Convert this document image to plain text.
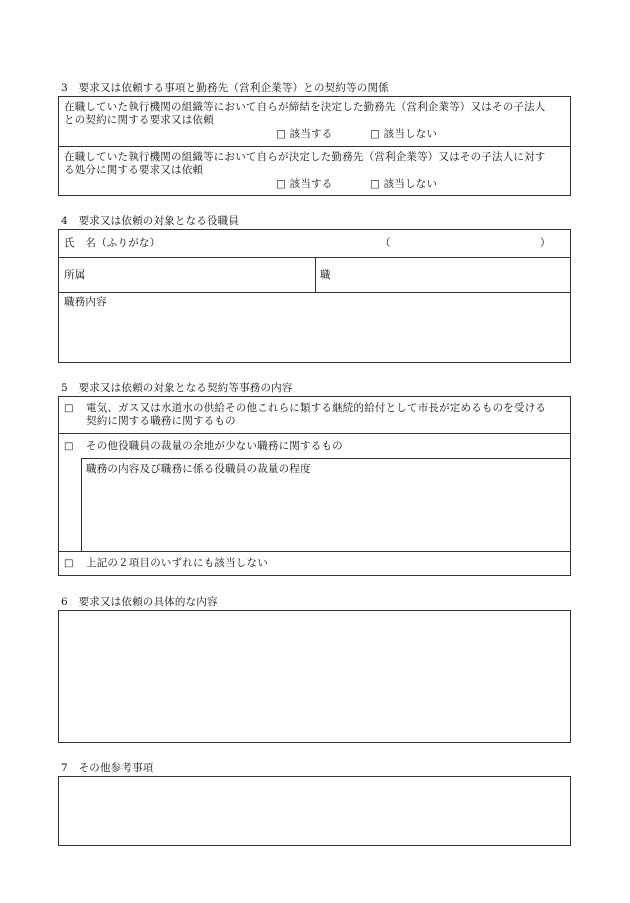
3　要求又は依頼する事項と勤務先（営利企業等）との契約等の関係
在職していた執行機関の組織等において自らが締結を決定した勤務先（営利企業等）又はその子法人
との契約に関する要求又は依頼
□ 該当する	□ 該当しない
在職していた執行機関の組織等において自らが決定した勤務先（営利企業等）又はその子法人に対す
る処分に関する要求又は依頼
□ 該当する	□ 該当しない
4　要求又は依頼の対象となる役職員
氏　名（ふりがな）	（	）
所属	職
職務内容
5　要求又は依頼の対象となる契約等事務の内容
□ 電気、ガス又は水道水の供給その他これらに類する継続的給付として市長が定めるものを受ける
契約に関する職務に関するもの
□ その他役職員の裁量の余地が少ない職務に関するもの
職務の内容及び職務に係る役職員の裁量の程度
□ 上記の２項目のいずれにも該当しない
6　要求又は依頼の具体的な内容
7　その他参考事項
